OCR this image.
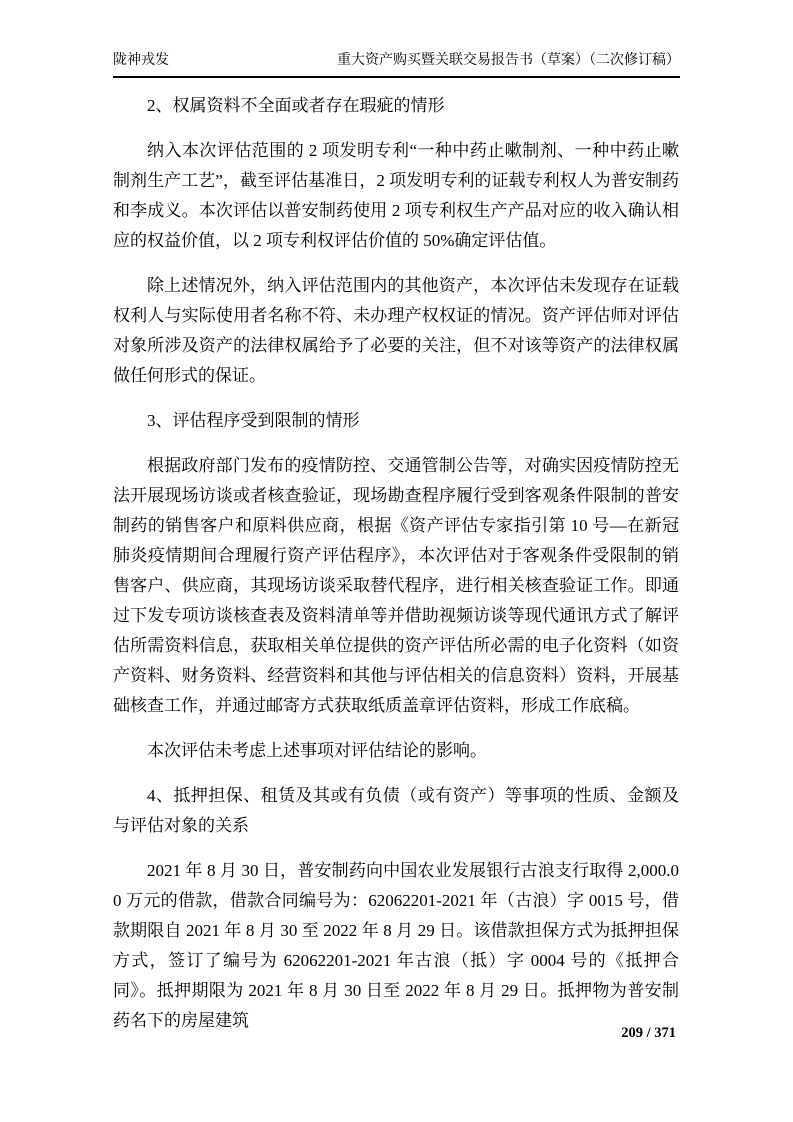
陇神戎发	重大资产购买暨关联交易报告书（草案）（二次修订稿）

2、权属资料不全面或者存在瑕疵的情形

纳入本次评估范围的 2 项发明专利“一种中药止嗽制剂、一种中药止嗽制剂生产工艺”，截至评估基准日，2 项发明专利的证载专利权人为普安制药和李成义。本次评估以普安制药使用 2 项专利权生产产品对应的收入确认相应的权益价值，以 2 项专利权评估价值的 50%确定评估值。

除上述情况外，纳入评估范围内的其他资产，本次评估未发现存在证载权利人与实际使用者名称不符、未办理产权权证的情况。资产评估师对评估对象所涉及资产的法律权属给予了必要的关注，但不对该等资产的法律权属做任何形式的保证。

3、评估程序受到限制的情形

根据政府部门发布的疫情防控、交通管制公告等，对确实因疫情防控无法开展现场访谈或者核查验证，现场勘查程序履行受到客观条件限制的普安制药的销售客户和原料供应商，根据《资产评估专家指引第 10 号—在新冠肺炎疫情期间合理履行资产评估程序》，本次评估对于客观条件受限制的销售客户、供应商，其现场访谈采取替代程序，进行相关核查验证工作。即通过下发专项访谈核查表及资料清单等并借助视频访谈等现代通讯方式了解评估所需资料信息，获取相关单位提供的资产评估所必需的电子化资料（如资产资料、财务资料、经营资料和其他与评估相关的信息资料）资料，开展基础核查工作，并通过邮寄方式获取纸质盖章评估资料，形成工作底稿。

本次评估未考虑上述事项对评估结论的影响。

4、抵押担保、租赁及其或有负债（或有资产）等事项的性质、金额及与评估对象的关系

2021 年 8 月 30 日，普安制药向中国农业发展银行古浪支行取得 2,000.00 万元的借款，借款合同编号为：62062201-2021 年（古浪）字 0015 号，借款期限自 2021 年 8 月 30 至 2022 年 8 月 29 日。该借款担保方式为抵押担保方式，签订了编号为 62062201-2021 年古浪（抵）字 0004 号的《抵押合同》。抵押期限为 2021 年 8 月 30 日至 2022 年 8 月 29 日。抵押物为普安制药名下的房屋建筑

209 / 371
